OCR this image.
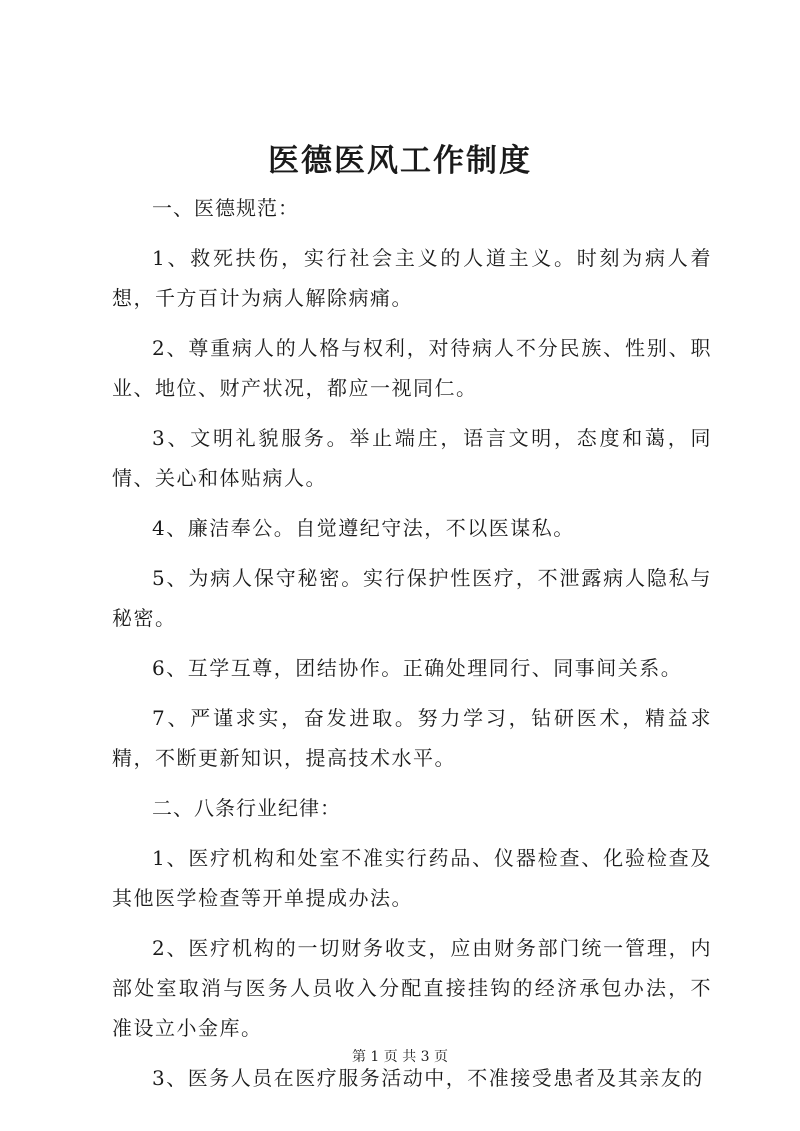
医德医风工作制度

一、医德规范：

1、救死扶伤，实行社会主义的人道主义。时刻为病人着想，千方百计为病人解除病痛。

2、尊重病人的人格与权利，对待病人不分民族、性别、职业、地位、财产状况，都应一视同仁。

3、文明礼貌服务。举止端庄，语言文明，态度和蔼，同情、关心和体贴病人。

4、廉洁奉公。自觉遵纪守法，不以医谋私。

5、为病人保守秘密。实行保护性医疗，不泄露病人隐私与秘密。

6、互学互尊，团结协作。正确处理同行、同事间关系。

7、严谨求实，奋发进取。努力学习，钻研医术，精益求精，不断更新知识，提高技术水平。

二、八条行业纪律：

1、医疗机构和处室不准实行药品、仪器检查、化验检查及其他医学检查等开单提成办法。

2、医疗机构的一切财务收支，应由财务部门统一管理，内部处室取消与医务人员收入分配直接挂钩的经济承包办法，不准设立小金库。

3、医务人员在医疗服务活动中，不准接受患者及其亲友的

第 1 页 共 3 页
